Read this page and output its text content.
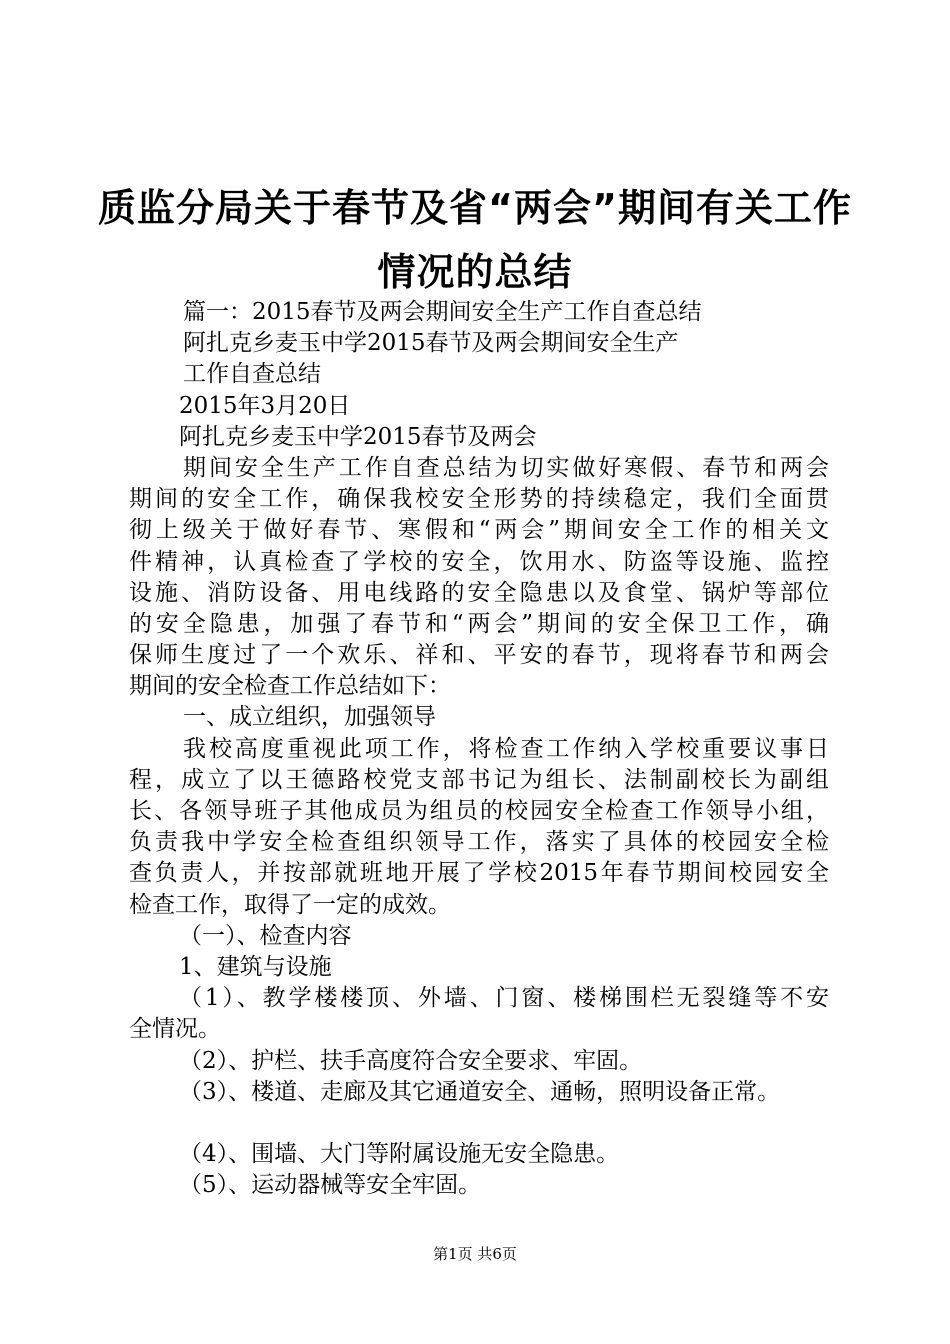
质监分局关于春节及省“两会”期间有关工作
情况的总结
篇一：2015春节及两会期间安全生产工作自查总结
阿扎克乡麦玉中学2015春节及两会期间安全生产
工作自查总结
2015年3月20日
阿扎克乡麦玉中学2015春节及两会
期间安全生产工作自查总结为切实做好寒假、春节和两会
期间的安全工作，确保我校安全形势的持续稳定，我们全面贯
彻上级关于做好春节、寒假和“两会”期间安全工作的相关文
件精神，认真检查了学校的安全，饮用水、防盗等设施、监控
设施、消防设备、用电线路的安全隐患以及食堂、锅炉等部位
的安全隐患，加强了春节和“两会”期间的安全保卫工作，确
保师生度过了一个欢乐、祥和、平安的春节，现将春节和两会
期间的安全检查工作总结如下：
一、成立组织，加强领导
我校高度重视此项工作，将检查工作纳入学校重要议事日
程，成立了以王德路校党支部书记为组长、法制副校长为副组
长、各领导班子其他成员为组员的校园安全检查工作领导小组，
负责我中学安全检查组织领导工作，落实了具体的校园安全检
查负责人，并按部就班地开展了学校2015年春节期间校园安全
检查工作，取得了一定的成效。
（一）、检查内容
1、建筑与设施
（1）、教学楼楼顶、外墙、门窗、楼梯围栏无裂缝等不安
全情况。
（2）、护栏、扶手高度符合安全要求、牢固。
（3）、楼道、走廊及其它通道安全、通畅，照明设备正常。
（4）、围墙、大门等附属设施无安全隐患。
（5）、运动器械等安全牢固。
第1页 共6页
